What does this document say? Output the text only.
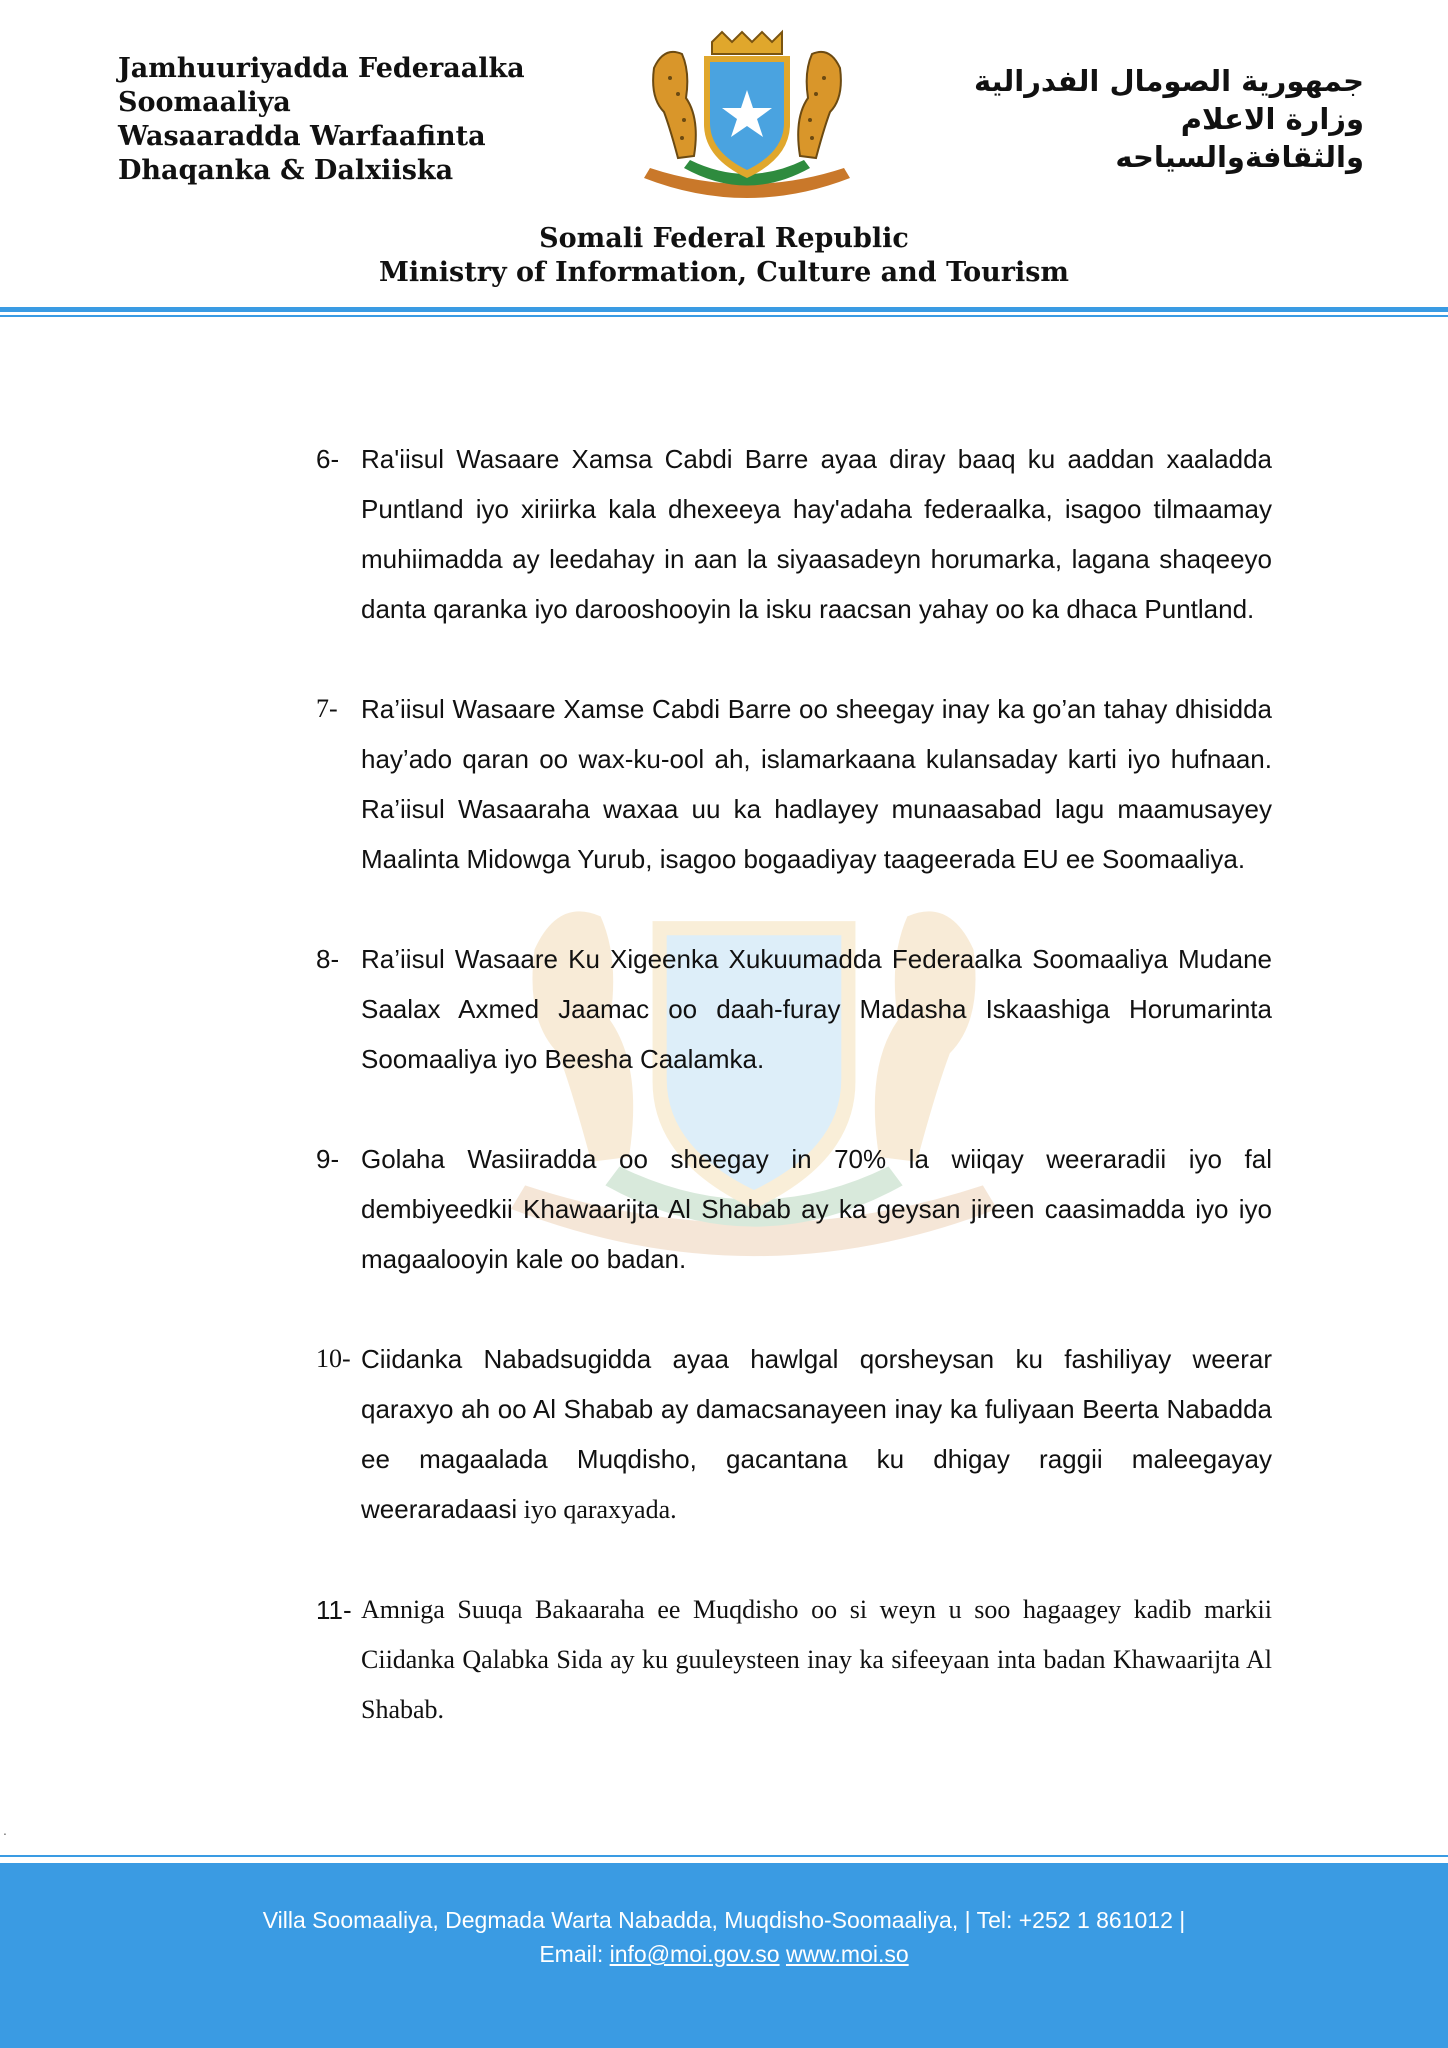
Jamhuuriyadda Federaalka
Soomaaliya
Wasaaradda Warfaafinta
Dhaqanka & Dalxiiska
جمهورية الصومال الفدرالية
وزارة الاعلام
والثقافةوالسياحه
Somali Federal Republic
Ministry of Information, Culture and Tourism
6- Ra'iisul Wasaare Xamsa Cabdi Barre ayaa diray baaq ku aaddan xaaladda Puntland iyo xiriirka kala dhexeeya hay'adaha federaalka, isagoo tilmaamay muhiimadda ay leedahay in aan la siyaasadeyn horumarka, lagana shaqeeyo danta qaranka iyo darooshooyin la isku raacsan yahay oo ka dhaca Puntland.
7- Ra’iisul Wasaare Xamse Cabdi Barre oo sheegay inay ka go’an tahay dhisidda hay’ado qaran oo wax-ku-ool ah, islamarkaana kulansaday karti iyo hufnaan. Ra’iisul Wasaaraha waxaa uu ka hadlayey munaasabad lagu maamusayey Maalinta Midowga Yurub, isagoo bogaadiyay taageerada EU ee Soomaaliya.
8- Ra’iisul Wasaare Ku Xigeenka Xukuumadda Federaalka Soomaaliya Mudane Saalax Axmed Jaamac oo daah-furay Madasha Iskaashiga Horumarinta Soomaaliya iyo Beesha Caalamka.
9- Golaha Wasiiradda oo sheegay in 70% la wiiqay weeraradii iyo fal dembiyeedkii Khawaarijta Al Shabab ay ka geysan jireen caasimadda iyo iyo magaalooyin kale oo badan.
10- Ciidanka Nabadsugidda ayaa hawlgal qorsheysan ku fashiliyay weerar qaraxyo ah oo Al Shabab ay damacsanayeen inay ka fuliyaan Beerta Nabadda ee magaalada Muqdisho, gacantana ku dhigay raggii maleegayay weeraradaasi iyo qaraxyada.
11- Amniga Suuqa Bakaaraha ee Muqdisho oo si weyn u soo hagaagey kadib markii Ciidanka Qalabka Sida ay ku guuleysteen inay ka sifeeyaan inta badan Khawaarijta Al Shabab.
.
Villa Soomaaliya, Degmada Warta Nabadda, Muqdisho-Soomaaliya, | Tel: +252 1 861012 |
Email: info@moi.gov.so www.moi.so
